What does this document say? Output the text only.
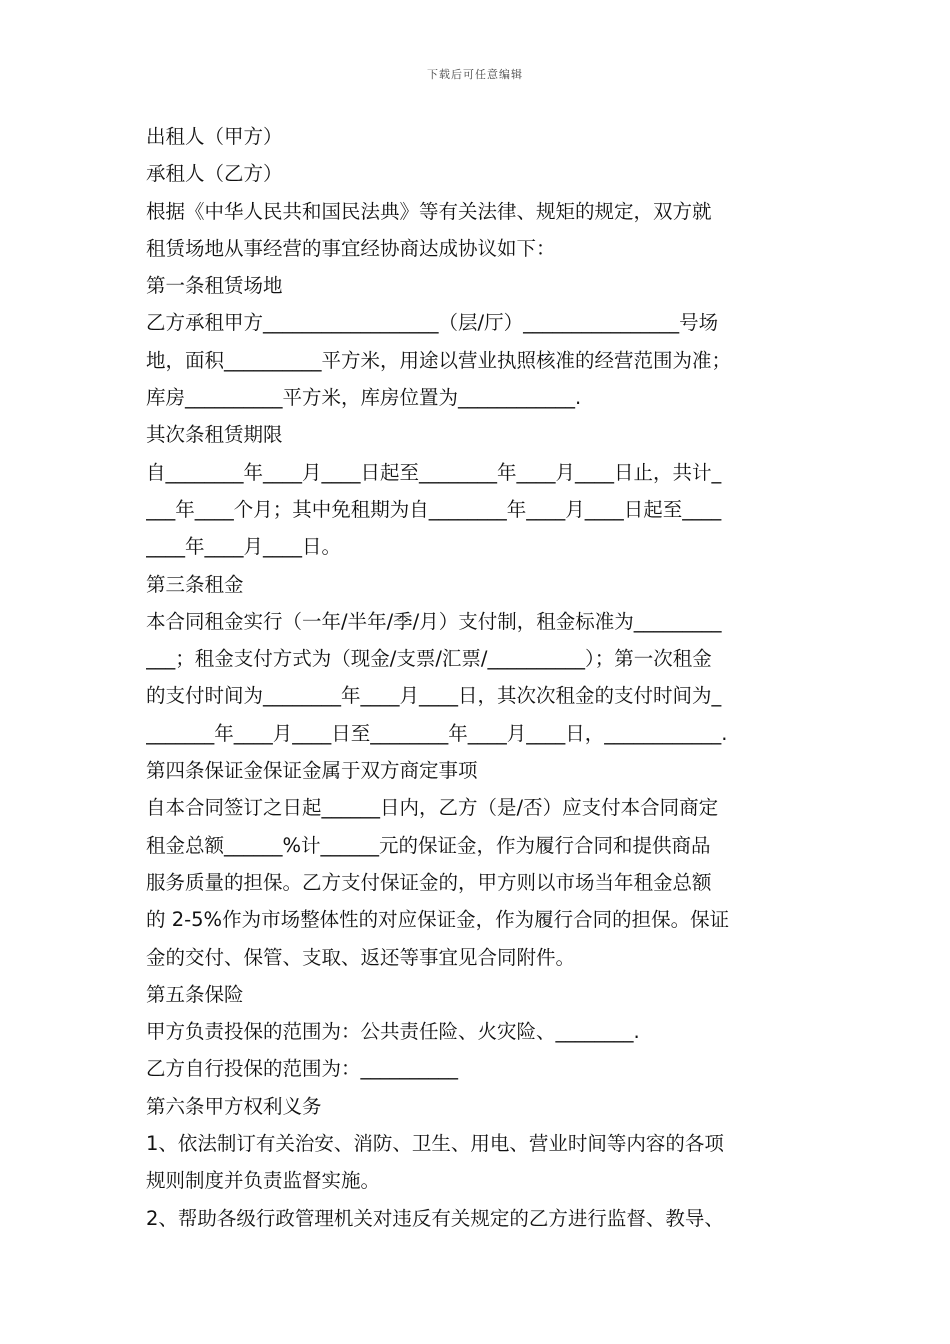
下载后可任意编辑
出租人（甲方）
承租人（乙方）
根据《中华人民共和国民法典》等有关法律、规矩的规定，双方就
租赁场地从事经营的事宜经协商达成协议如下：
第一条租赁场地
乙方承租甲方__________________（层/厅）________________号场
地，面积__________平方米，用途以营业执照核准的经营范围为准；
库房__________平方米，库房位置为____________.
其次条租赁期限
自________年____月____日起至________年____月____日止，共计_
___年____个月；其中免租期为自________年____月____日起至____
____年____月____日。
第三条租金
本合同租金实行（一年/半年/季/月）支付制，租金标准为_________
___；租金支付方式为（现金/支票/汇票/__________）；第一次租金
的支付时间为________年____月____日，其次次租金的支付时间为_
_______年____月____日至________年____月____日，____________.
第四条保证金保证金属于双方商定事项
自本合同签订之日起______日内，乙方（是/否）应支付本合同商定
租金总额______%计______元的保证金，作为履行合同和提供商品
服务质量的担保。乙方支付保证金的，甲方则以市场当年租金总额
的 2-5%作为市场整体性的对应保证金，作为履行合同的担保。保证
金的交付、保管、支取、返还等事宜见合同附件。
第五条保险
甲方负责投保的范围为：公共责任险、火灾险、________.
乙方自行投保的范围为：__________
第六条甲方权利义务
1、依法制订有关治安、消防、卫生、用电、营业时间等内容的各项
规则制度并负责监督实施。
2、帮助各级行政管理机关对违反有关规定的乙方进行监督、教导、
